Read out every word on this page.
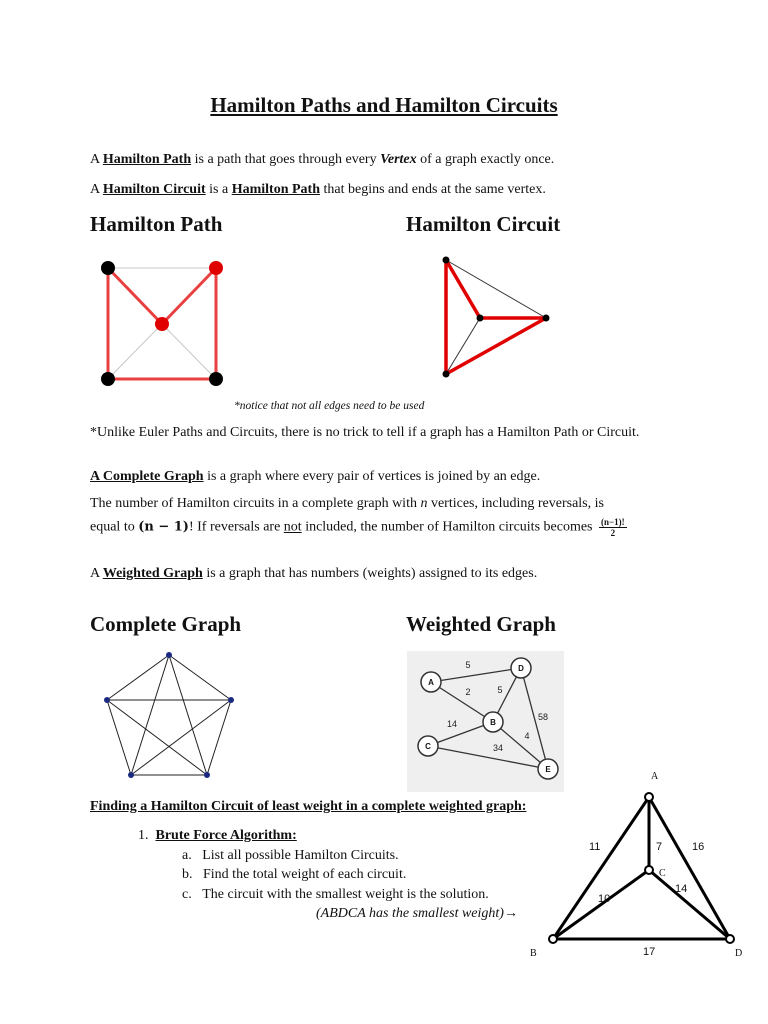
Hamilton Paths and Hamilton Circuits
A Hamilton Path is a path that goes through every Vertex of a graph exactly once.
A Hamilton Circuit is a Hamilton Path that begins and ends at the same vertex.
Hamilton Path	Hamilton Circuit
*notice that not all edges need to be used
*Unlike Euler Paths and Circuits, there is no trick to tell if a graph has a Hamilton Path or Circuit.
A Complete Graph is a graph where every pair of vertices is joined by an edge.
The number of Hamilton circuits in a complete graph with n vertices, including reversals, is
equal to (n − 1)! If reversals are not included, the number of Hamilton circuits becomes $\frac{(n-1)!}{2}$
A Weighted Graph is a graph that has numbers (weights) assigned to its edges.
Complete Graph	Weighted Graph
A
D
B
C
E
5
2	5
58
14
4
34
Finding a Hamilton Circuit of least weight in a complete weighted graph:
1. Brute Force Algorithm:
a. List all possible Hamilton Circuits.
b. Find the total weight of each circuit.
c. The circuit with the smallest weight is the solution.
(ABDCA has the smallest weight)→
A
B	D
C
11	7	16
10
14
17
